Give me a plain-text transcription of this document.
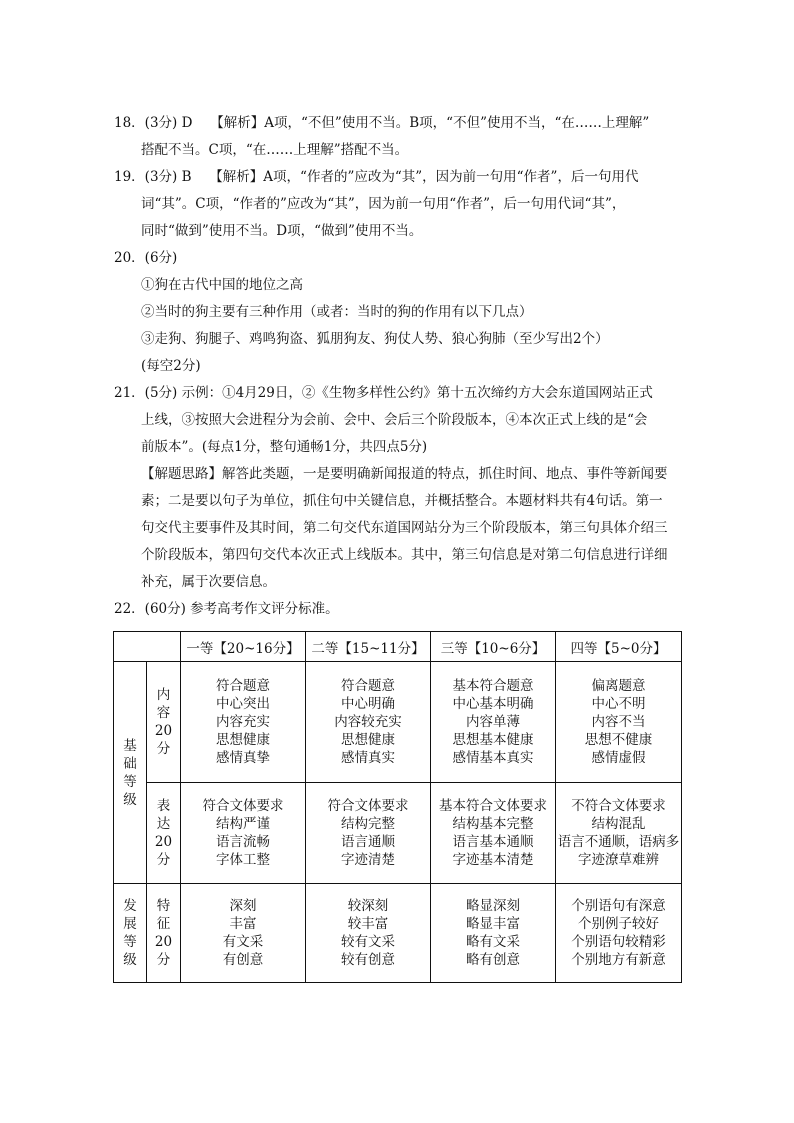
18．(3分) D　 【解析】A项，“不但”使用不当。B项，“不但”使用不当，“在……上理解”
搭配不当。C项，“在……上理解”搭配不当。
19．(3分) B　 【解析】A项，“作者的”应改为“其”，因为前一句用“作者”，后一句用代
词“其”。C项，“作者的”应改为“其”，因为前一句用“作者”，后一句用代词“其”，
同时“做到”使用不当。D项，“做到”使用不当。
20．(6分)
①狗在古代中国的地位之高
②当时的狗主要有三种作用（或者：当时的狗的作用有以下几点）
③走狗、狗腿子、鸡鸣狗盗、狐朋狗友、狗仗人势、狼心狗肺（至少写出2个）
(每空2分)
21．(5分) 示例：①4月29日，②《生物多样性公约》第十五次缔约方大会东道国网站正式
上线，③按照大会进程分为会前、会中、会后三个阶段版本，④本次正式上线的是“会
前版本”。(每点1分，整句通畅1分，共四点5分)
【解题思路】解答此类题，一是要明确新闻报道的特点，抓住时间、地点、事件等新闻要
素；二是要以句子为单位，抓住句中关键信息，并概括整合。本题材料共有4句话。第一
句交代主要事件及其时间，第二句交代东道国网站分为三个阶段版本，第三句具体介绍三
个阶段版本，第四句交代本次正式上线版本。其中，第三句信息是对第二句信息进行详细
补充，属于次要信息。
22．(60分) 参考高考作文评分标准。
		一等【20~16分】	二等【15~11分】	三等【10~6分】	四等【5~0分】

基
础
等
级	内
容
20
分	符合题意
中心突出
内容充实
思想健康
感情真挚	符合题意
中心明确
内容较充实
思想健康
感情真实	基本符合题意
中心基本明确
内容单薄
思想基本健康
感情基本真实	偏离题意
中心不明
内容不当
思想不健康
感情虚假

	表
达
20
分	符合文体要求
结构严谨
语言流畅
字体工整	符合文体要求
结构完整
语言通顺
字迹清楚	基本符合文体要求
结构基本完整
语言基本通顺
字迹基本清楚	不符合文体要求
结构混乱
语言不通顺，语病多
字迹潦草难辨

发
展
等
级	特
征
20
分	深刻
丰富
有文采
有创意	较深刻
较丰富
较有文采
较有创意	略显深刻
略显丰富
略有文采
略有创意	个别语句有深意
个别例子较好
个别语句较精彩
个别地方有新意
